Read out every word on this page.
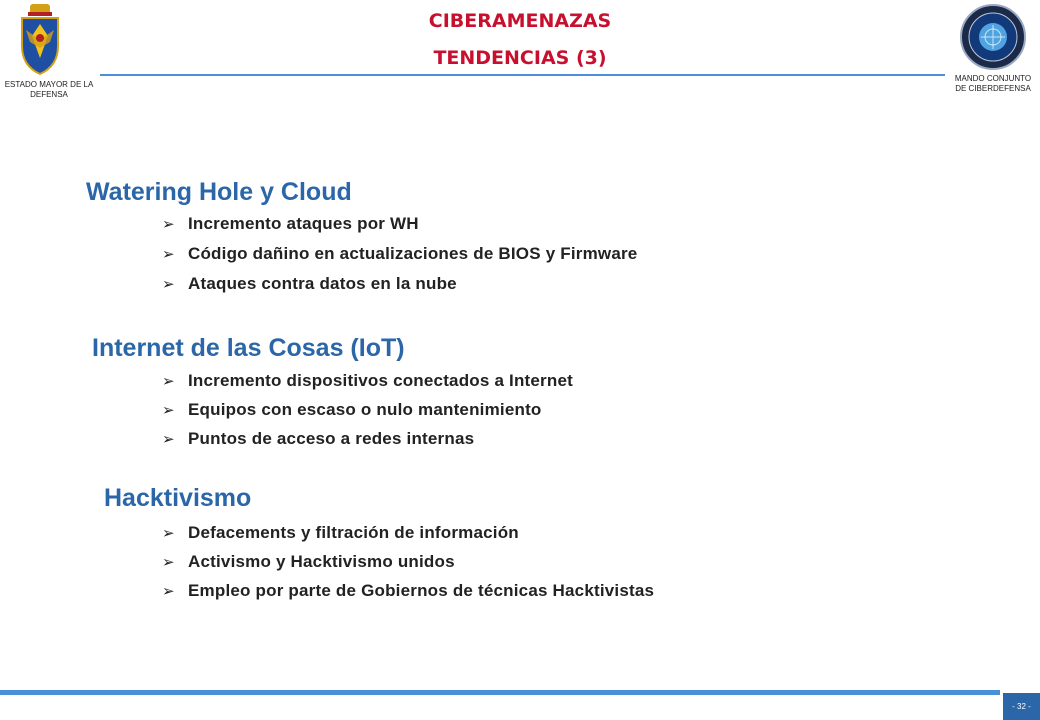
ESTADO MAYOR DE LA DEFENSA
MANDO CONJUNTO DE CIBERDEFENSA
CIBERAMENAZAS
TENDENCIAS (3)
Watering Hole y Cloud
➢ Incremento ataques por WH
➢ Código dañino en actualizaciones de BIOS y Firmware
➢ Ataques contra datos en la nube
Internet de las Cosas (IoT)
➢ Incremento dispositivos conectados a Internet
➢ Equipos con escaso o nulo mantenimiento
➢ Puntos de acceso a redes internas
Hacktivismo
➢ Defacements y filtración de información
➢ Activismo y Hacktivismo unidos
➢ Empleo por parte de Gobiernos de técnicas Hacktivistas
- 32 -
